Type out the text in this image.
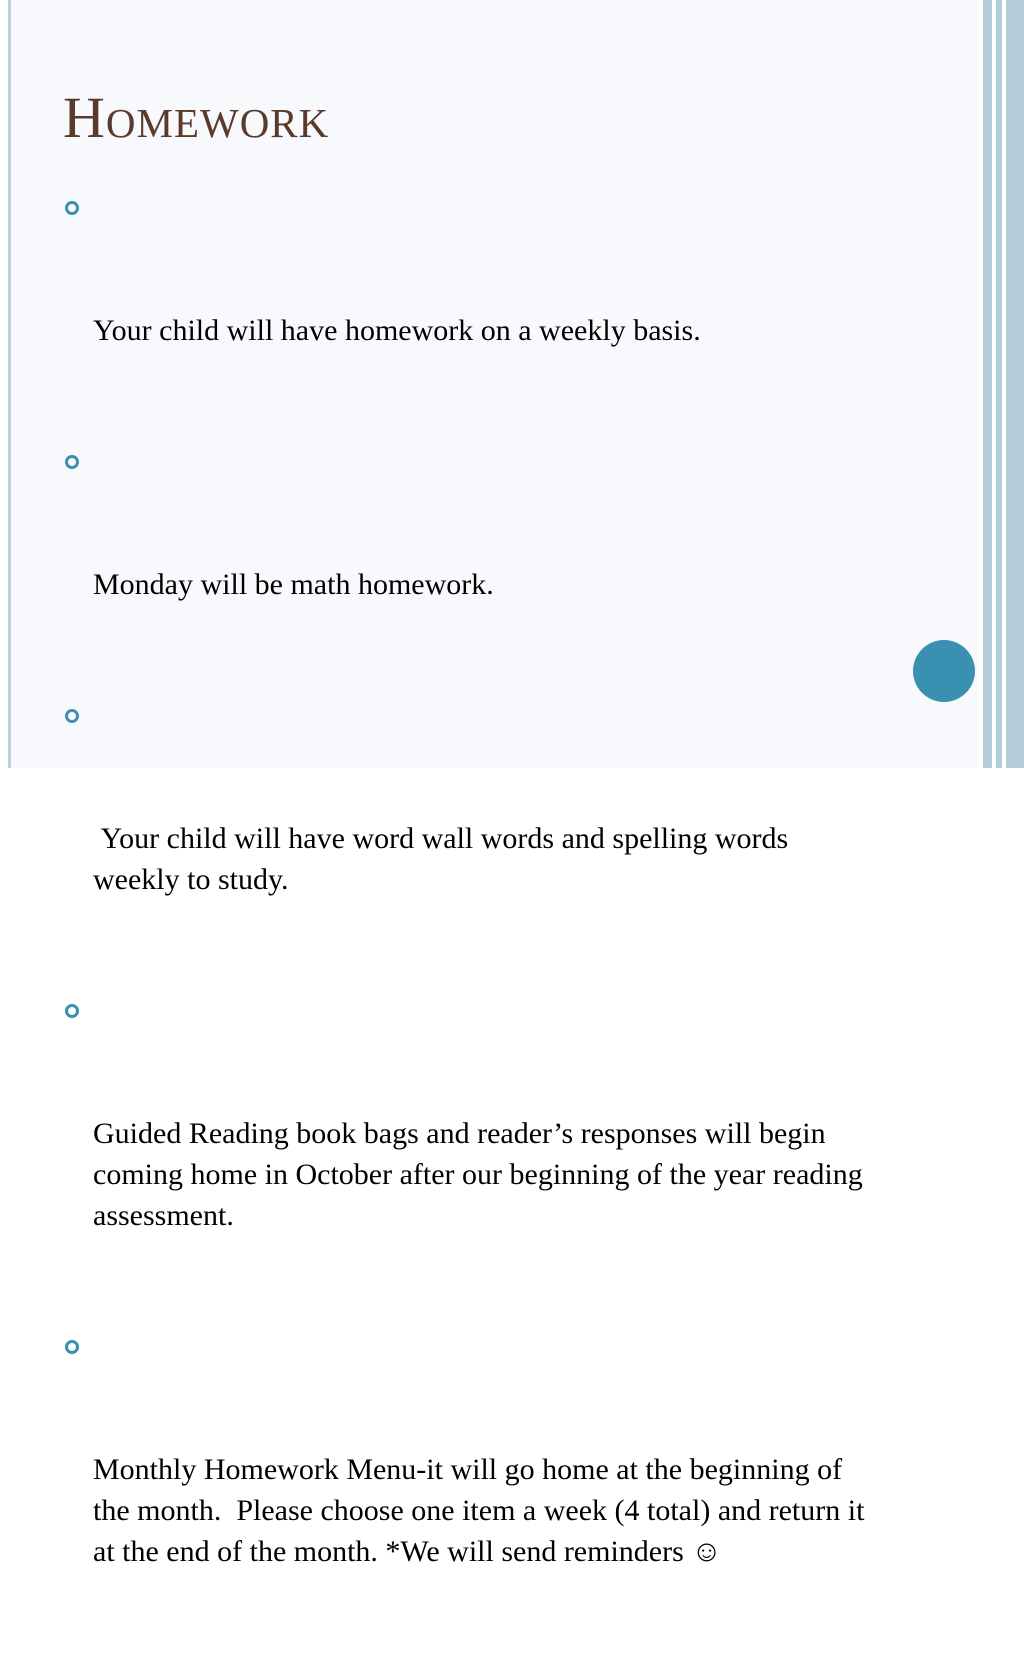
Homework

Your child will have homework on a weekly basis.

Monday will be math homework.

Your child will have word wall words and spelling words weekly to study.

Guided Reading book bags and reader’s responses will begin coming home in October after our beginning of the year reading assessment.

Monthly Homework Menu-it will go home at the beginning of the month.  Please choose one item a week (4 total) and return it at the end of the month. *We will send reminders ☺
